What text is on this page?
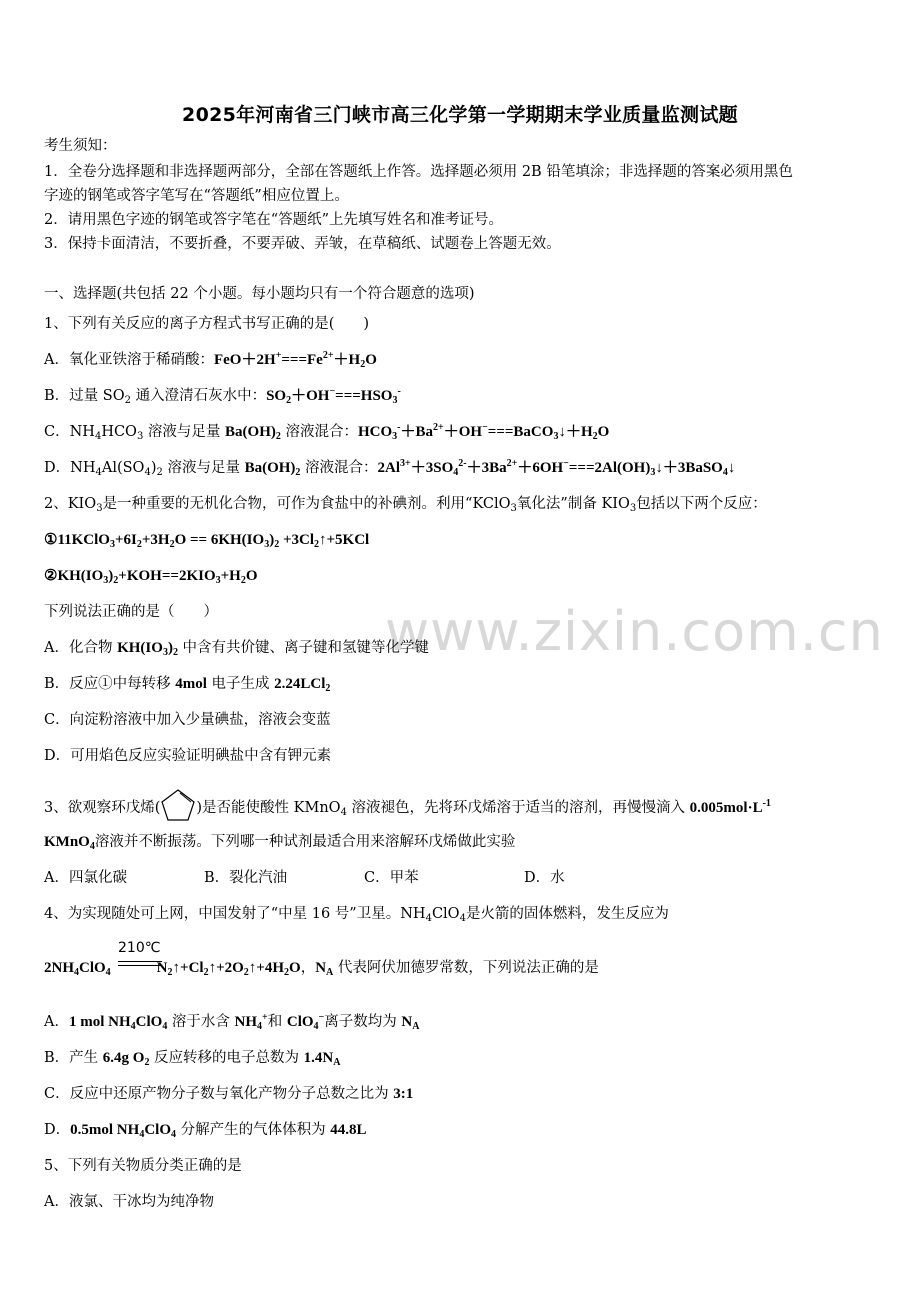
www.zixin.com.cn
2025年河南省三门峡市高三化学第一学期期末学业质量监测试题
考生须知：
1．全卷分选择题和非选择题两部分，全部在答题纸上作答。选择题必须用 2B 铅笔填涂；非选择题的答案必须用黑色
字迹的钢笔或答字笔写在“答题纸”相应位置上。
2．请用黑色字迹的钢笔或答字笔在“答题纸”上先填写姓名和准考证号。
3．保持卡面清洁，不要折叠，不要弄破、弄皱，在草稿纸、试题卷上答题无效。
一、选择题(共包括 22 个小题。每小题均只有一个符合题意的选项)
1、下列有关反应的离子方程式书写正确的是(　　)
A．氧化亚铁溶于稀硝酸：$FeO+2H^+===Fe^{2+}+H_2O$
B．过量 $SO_2$ 通入澄清石灰水中：$SO_2+OH^-===HSO_3^-$
C．$NH_4HCO_3$ 溶液与足量 $Ba(OH)_2$ 溶液混合：$HCO_3^-+Ba^{2+}+OH^-===BaCO_3↓+H_2O$
D．$NH_4Al(SO_4)_2$ 溶液与足量 $Ba(OH)_2$ 溶液混合：$2Al^{3+}+3SO_4^{2-}+3Ba^{2+}+6OH^-===2Al(OH)_3↓+3BaSO_4↓$
2、$KIO_3$是一种重要的无机化合物，可作为食盐中的补碘剂。利用“KClO$_3$氧化法”制备 $KIO_3$包括以下两个反应：
$①11KClO_3+6I_2+3H_2O == 6KH(IO_3)_2$ $+3Cl_2↑+5KCl$
$②KH(IO_3)_2+KOH==2KIO_3+H_2O$
下列说法正确的是（　　）
A．化合物 $KH(IO_3)_2$ 中含有共价键、离子键和氢键等化学键
B．反应①中每转移 4mol 电子生成 2.24LCl$_2$
C．向淀粉溶液中加入少量碘盐，溶液会变蓝
D．可用焰色反应实验证明碘盐中含有钾元素
3、欲观察环戊烯( )是否能使酸性 KMnO$_4$ 溶液褪色，先将环戊烯溶于适当的溶剂，再慢慢滴入 $0.005mol\cdot L^{-1}$
KMnO$_4$溶液并不断振荡。下列哪一种试剂最适合用来溶解环戊烯做此实验
A．四氯化碳	B．裂化汽油	C．甲苯	D．水
4、为实现随处可上网，中国发射了“中星 16 号”卫星。$NH_4ClO_4$是火箭的固体燃料，发生反应为
210℃
$2NH_4ClO_4$	$N_2↑+Cl_2↑+2O_2↑+4H_2O$，$N_A$ 代表阿伏加德罗常数，下列说法正确的是
A．1 mol $NH_4ClO_4$ 溶于水含 $NH_4^+$和 ClO$_4$−离子数均为 $N_A$
B．产生 6.4g $O_2$ 反应转移的电子总数为 $1.4N_A$
C．反应中还原产物分子数与氧化产物分子总数之比为 3:1
D．0.5mol $NH_4ClO_4$ 分解产生的气体体积为 44.8L
5、下列有关物质分类正确的是
A．液氯、干冰均为纯净物
